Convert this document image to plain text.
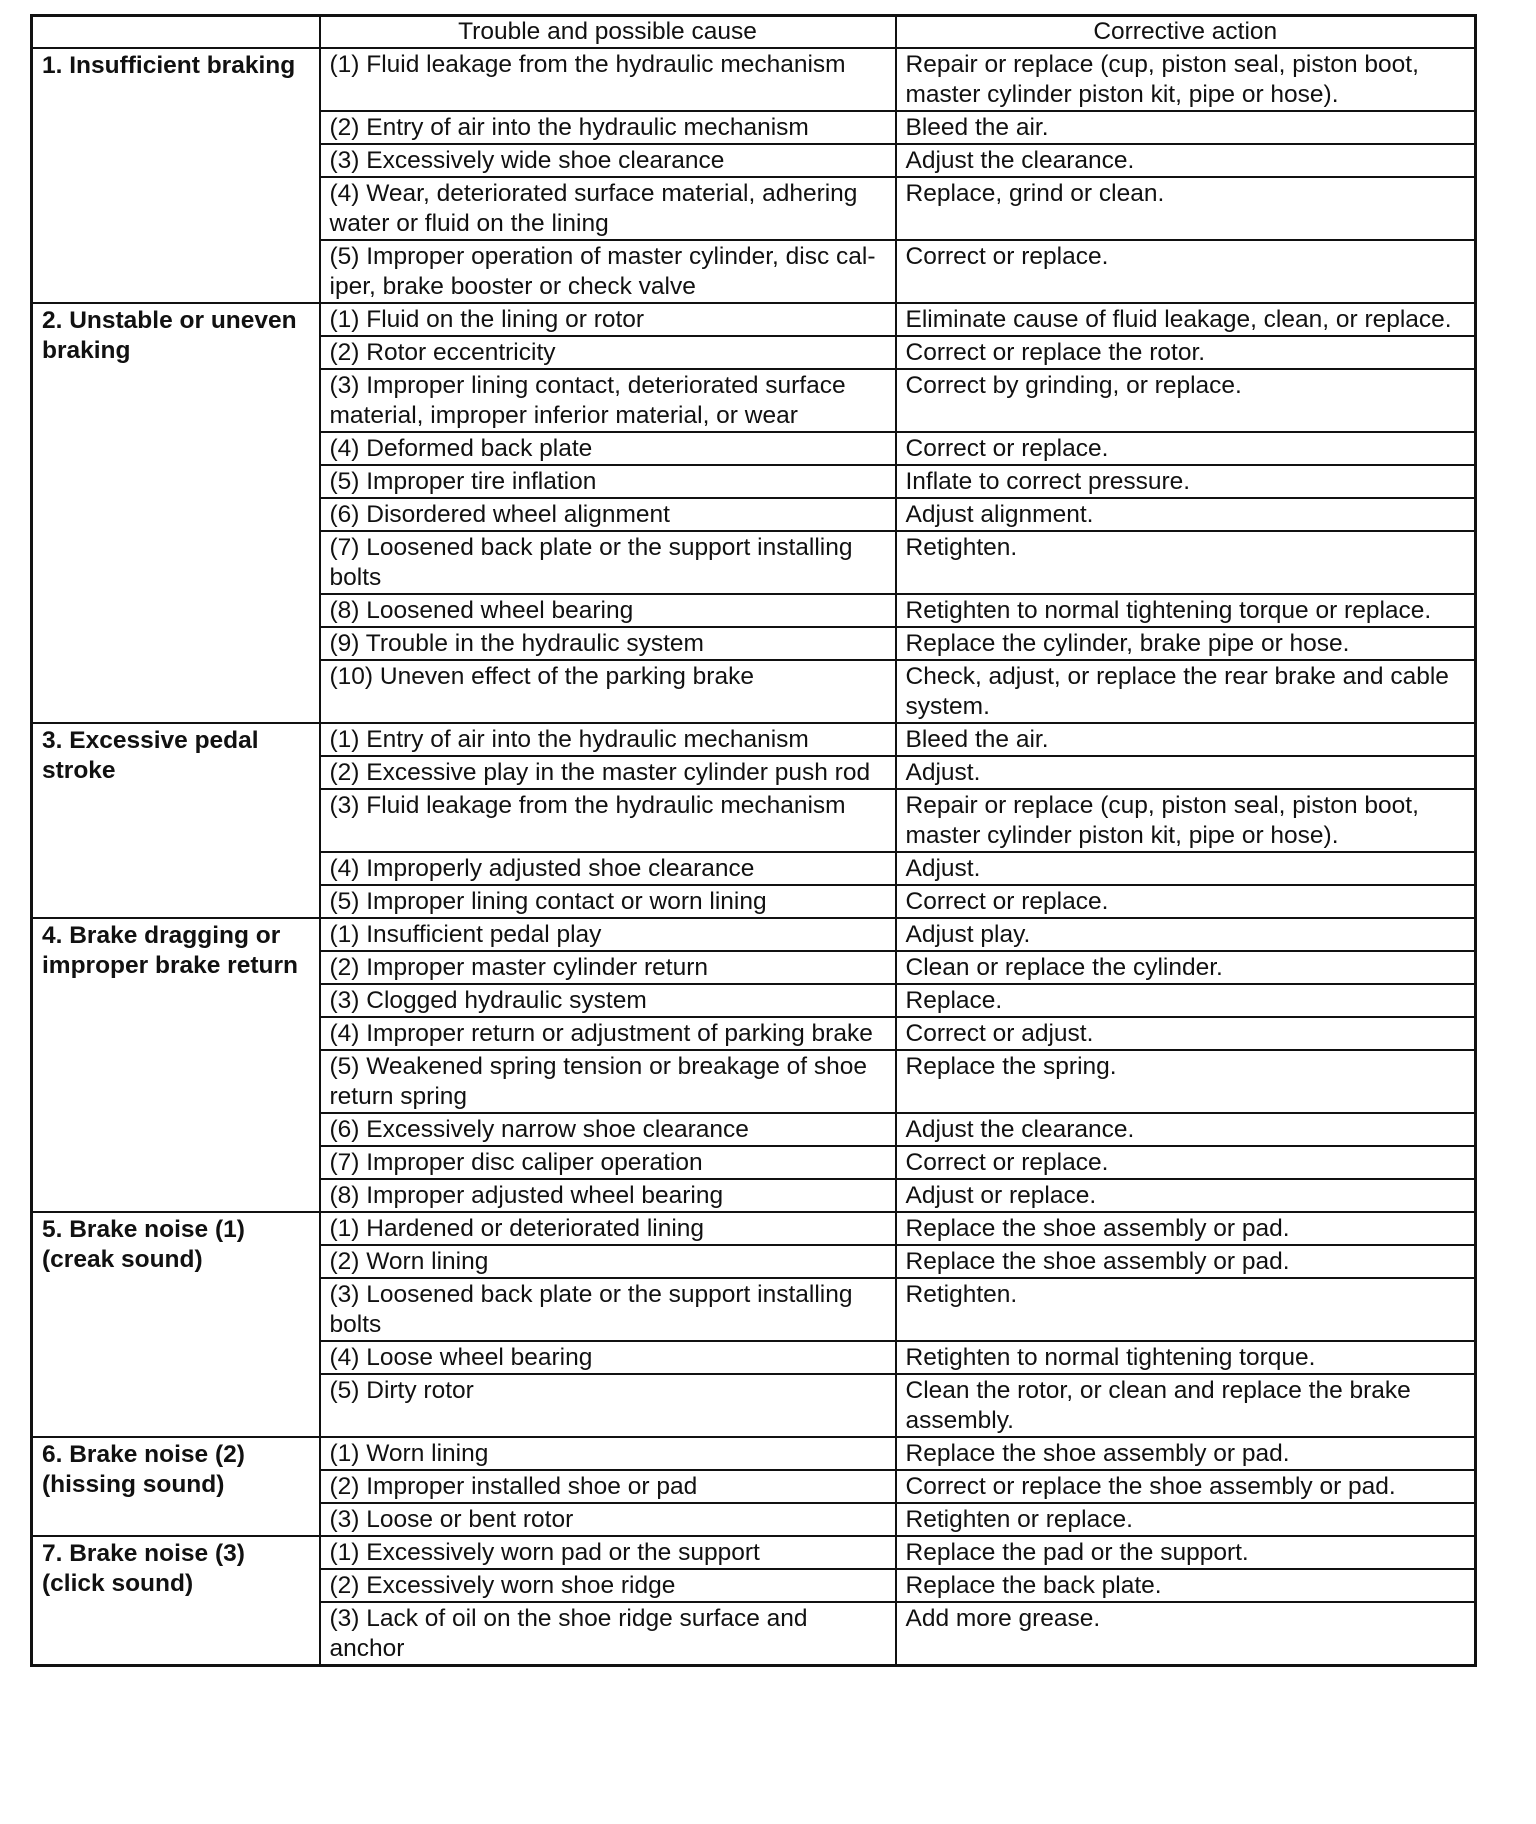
	Trouble and possible cause	Corrective action
1. Insufficient braking	(1) Fluid leakage from the hydraulic mechanism	Repair or replace (cup, piston seal, piston boot, master cylinder piston kit, pipe or hose).
	(2) Entry of air into the hydraulic mechanism	Bleed the air.
	(3) Excessively wide shoe clearance	Adjust the clearance.
	(4) Wear, deteriorated surface material, adhering water or fluid on the lining	Replace, grind or clean.
	(5) Improper operation of master cylinder, disc cal-iper, brake booster or check valve	Correct or replace.
2. Unstable or uneven braking	(1) Fluid on the lining or rotor	Eliminate cause of fluid leakage, clean, or replace.
	(2) Rotor eccentricity	Correct or replace the rotor.
	(3) Improper lining contact, deteriorated surface material, improper inferior material, or wear	Correct by grinding, or replace.
	(4) Deformed back plate	Correct or replace.
	(5) Improper tire inflation	Inflate to correct pressure.
	(6) Disordered wheel alignment	Adjust alignment.
	(7) Loosened back plate or the support installing bolts	Retighten.
	(8) Loosened wheel bearing	Retighten to normal tightening torque or replace.
	(9) Trouble in the hydraulic system	Replace the cylinder, brake pipe or hose.
	(10) Uneven effect of the parking brake	Check, adjust, or replace the rear brake and cable system.
3. Excessive pedal stroke	(1) Entry of air into the hydraulic mechanism	Bleed the air.
	(2) Excessive play in the master cylinder push rod	Adjust.
	(3) Fluid leakage from the hydraulic mechanism	Repair or replace (cup, piston seal, piston boot, master cylinder piston kit, pipe or hose).
	(4) Improperly adjusted shoe clearance	Adjust.
	(5) Improper lining contact or worn lining	Correct or replace.
4. Brake dragging or improper brake return	(1) Insufficient pedal play	Adjust play.
	(2) Improper master cylinder return	Clean or replace the cylinder.
	(3) Clogged hydraulic system	Replace.
	(4) Improper return or adjustment of parking brake	Correct or adjust.
	(5) Weakened spring tension or breakage of shoe return spring	Replace the spring.
	(6) Excessively narrow shoe clearance	Adjust the clearance.
	(7) Improper disc caliper operation	Correct or replace.
	(8) Improper adjusted wheel bearing	Adjust or replace.
5. Brake noise (1) (creak sound)	(1) Hardened or deteriorated lining	Replace the shoe assembly or pad.
	(2) Worn lining	Replace the shoe assembly or pad.
	(3) Loosened back plate or the support installing bolts	Retighten.
	(4) Loose wheel bearing	Retighten to normal tightening torque.
	(5) Dirty rotor	Clean the rotor, or clean and replace the brake assembly.
6. Brake noise (2) (hissing sound)	(1) Worn lining	Replace the shoe assembly or pad.
	(2) Improper installed shoe or pad	Correct or replace the shoe assembly or pad.
	(3) Loose or bent rotor	Retighten or replace.
7. Brake noise (3) (click sound)	(1) Excessively worn pad or the support	Replace the pad or the support.
	(2) Excessively worn shoe ridge	Replace the back plate.
	(3) Lack of oil on the shoe ridge surface and anchor	Add more grease.
